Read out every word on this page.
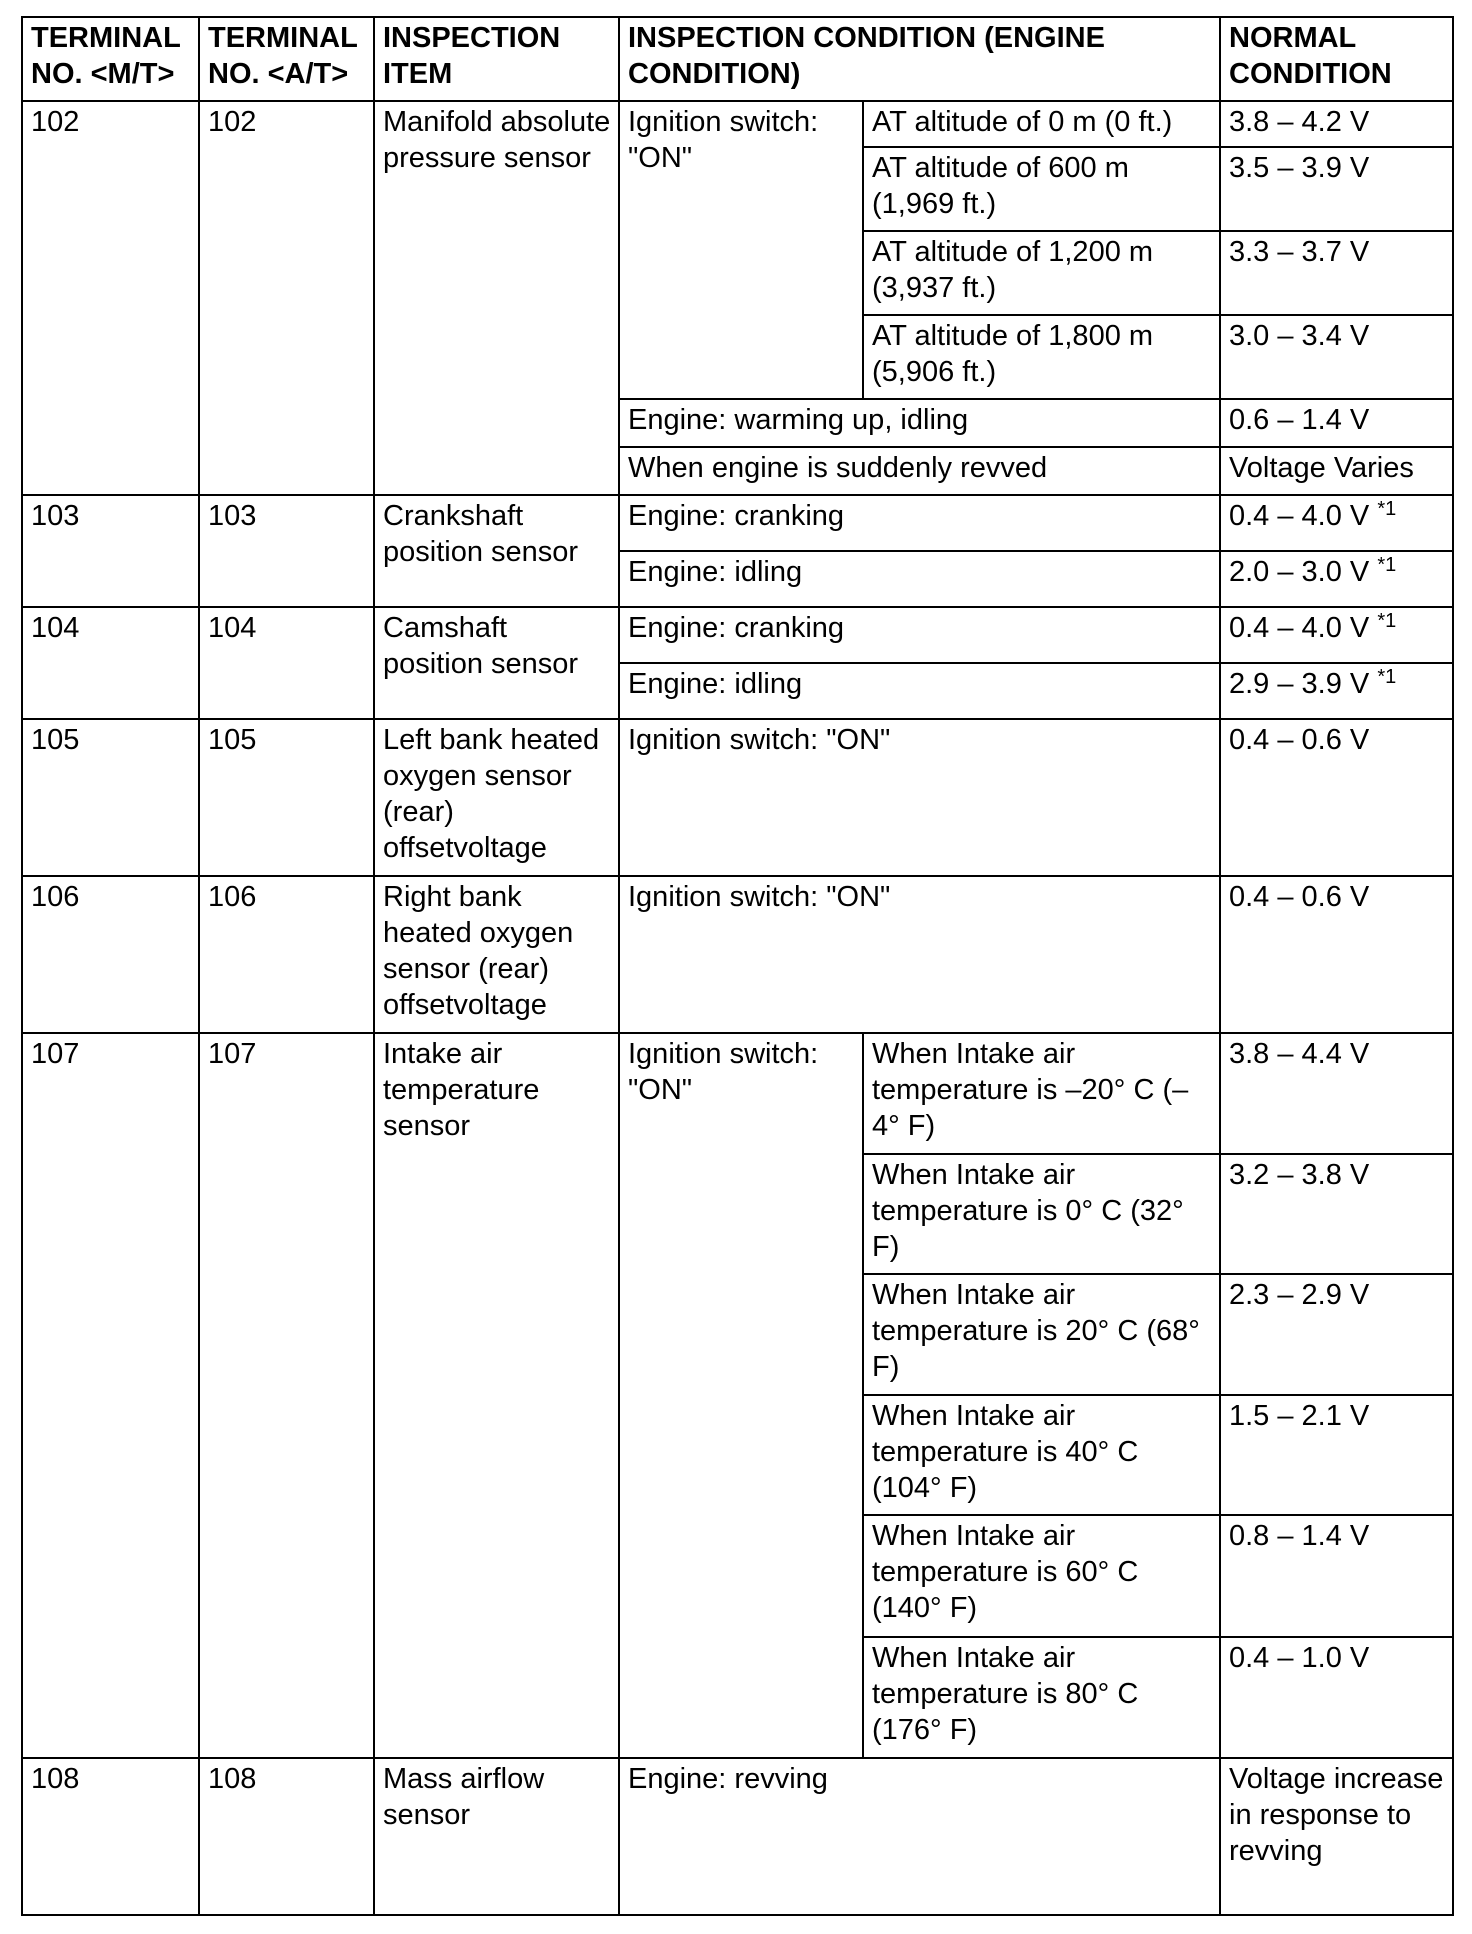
TERMINAL NO. <M/T>	TERMINAL NO. <A/T>	INSPECTION ITEM	INSPECTION CONDITION (ENGINE CONDITION)		NORMAL CONDITION
102	102	Manifold absolute pressure sensor	Ignition switch: "ON"	AT altitude of 0 m (0 ft.)	3.8 – 4.2 V
				AT altitude of 600 m (1,969 ft.)	3.5 – 3.9 V
				AT altitude of 1,200 m (3,937 ft.)	3.3 – 3.7 V
				AT altitude of 1,800 m (5,906 ft.)	3.0 – 3.4 V
			Engine: warming up, idling		0.6 – 1.4 V
			When engine is suddenly revved		Voltage Varies
103	103	Crankshaft position sensor	Engine: cranking		0.4 – 4.0 V $^{*1}$
			Engine: idling		2.0 – 3.0 V $^{*1}$
104	104	Camshaft position sensor	Engine: cranking		0.4 – 4.0 V $^{*1}$
			Engine: idling		2.9 – 3.9 V $^{*1}$
105	105	Left bank heated oxygen sensor (rear) offsetvoltage	Ignition switch: "ON"		0.4 – 0.6 V
106	106	Right bank heated oxygen sensor (rear) offsetvoltage	Ignition switch: "ON"		0.4 – 0.6 V
107	107	Intake air temperature sensor	Ignition switch: "ON"	When Intake air temperature is –20° C (–4° F)	3.8 – 4.4 V
				When Intake air temperature is 0° C (32° F)	3.2 – 3.8 V
				When Intake air temperature is 20° C (68° F)	2.3 – 2.9 V
				When Intake air temperature is 40° C (104° F)	1.5 – 2.1 V
				When Intake air temperature is 60° C (140° F)	0.8 – 1.4 V
				When Intake air temperature is 80° C (176° F)	0.4 – 1.0 V
108	108	Mass airflow sensor	Engine: revving		Voltage increase in response to revving
